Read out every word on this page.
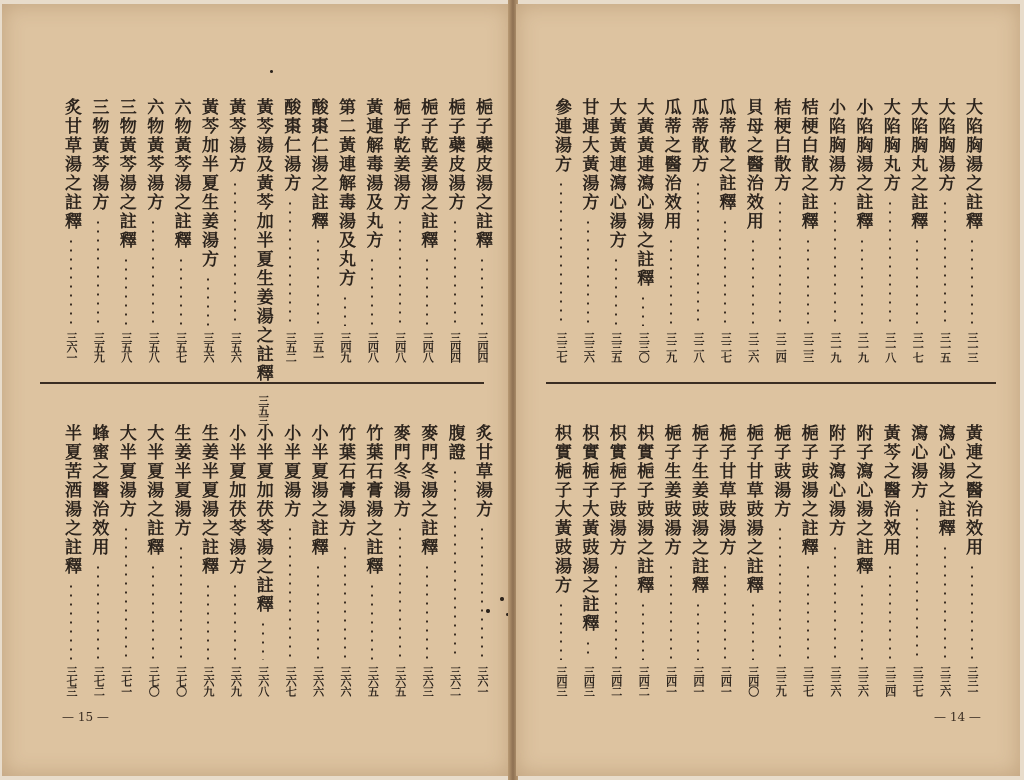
— 15 —
梔子蘗皮湯之註釋
三四四
梔子蘗皮湯方
三四四
梔子乾姜湯之註釋
三四八
梔子乾姜湯方
三四八
黃連解毒湯及丸方
三四八
第二黃連解毒湯及丸方
三四九
酸棗仁湯之註釋
三五一
酸棗仁湯方
三五二
黃芩湯及黃芩加半夏生姜湯之註釋
三五三
黃芩湯方
三五六
黃芩加半夏生姜湯方
三五六
六物黃芩湯之註釋
三五七
六物黃芩湯方
三五八
三物黃芩湯之註釋
三五八
三物黃芩湯方
三五九
炙甘草湯之註釋
三六一
炙甘草湯方
三六一
腹證
三六二
麥門冬湯之註釋
三六三
麥門冬湯方
三六五
竹葉石膏湯之註釋
三六五
竹葉石膏湯方
三六六
小半夏湯之註釋
三六六
小半夏湯方
三六七
小半夏加茯苓湯之註釋
三六八
小半夏加茯苓湯方
三六九
生姜半夏湯之註釋
三六九
生姜半夏湯方
三七〇
大半夏湯之註釋
三七〇
大半夏湯方
三七一
蜂蜜之醫治效用
三七二
半夏苦酒湯之註釋
三七三
— 14 —
大陷胸湯之註釋
三一三
大陷胸湯方
三一五
大陷胸丸之註釋
三一七
大陷胸丸方
三一八
小陷胸湯之註釋
三一九
小陷胸湯方
三一九
桔梗白散之註釋
三二三
桔梗白散方
三二四
貝母之醫治效用
三二六
瓜蒂散之註釋
三二七
瓜蒂散方
三二八
瓜蒂之醫治效用
三二九
大黃黃連瀉心湯之註釋
三三〇
大黃黃連瀉心湯方
三三五
甘連大黃湯方
三三六
參連湯方
三三七
黃連之醫治效用
三三一
瀉心湯之註釋
三三六
瀉心湯方
三三七
黃芩之醫治效用
三三四
附子瀉心湯之註釋
三三六
附子瀉心湯方
三三六
梔子豉湯之註釋
三三七
梔子豉湯方
三三九
梔子甘草豉湯之註釋
三四〇
梔子甘草豉湯方
三四一
梔子生姜豉湯之註釋
三四一
梔子生姜豉湯方
三四一
枳實梔子豉湯之註釋
三四二
枳實梔子豉湯方
三四二
枳實梔子大黃豉湯之註釋
三四三
枳實梔子大黃豉湯方
三四三
